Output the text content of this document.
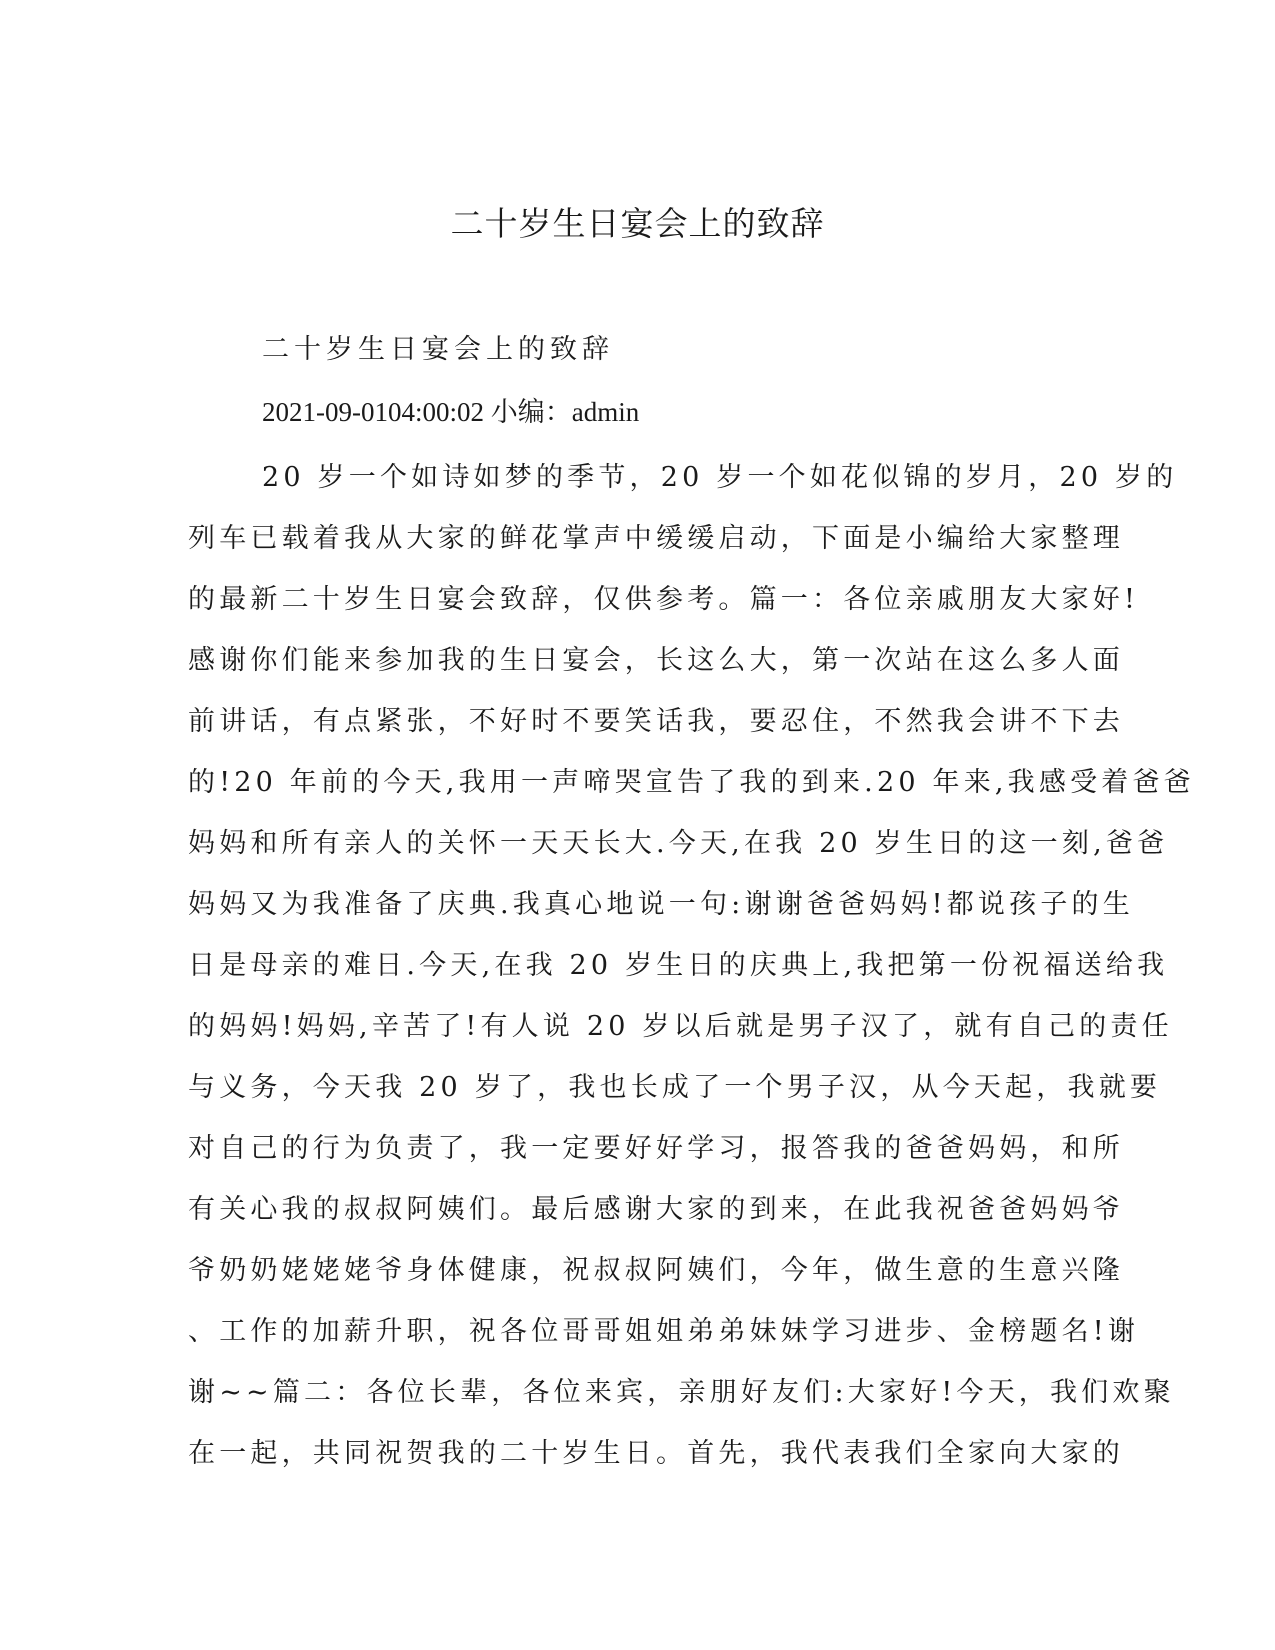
二十岁生日宴会上的致辞

二十岁生日宴会上的致辞

2021-09-0104:00:02 小编：admin

20 岁一个如诗如梦的季节，20 岁一个如花似锦的岁月，20 岁的
列车已载着我从大家的鲜花掌声中缓缓启动，下面是小编给大家整理
的最新二十岁生日宴会致辞，仅供参考。篇一：各位亲戚朋友大家好!
感谢你们能来参加我的生日宴会，长这么大，第一次站在这么多人面
前讲话，有点紧张，不好时不要笑话我，要忍住，不然我会讲不下去
的!20 年前的今天,我用一声啼哭宣告了我的到来.20 年来,我感受着爸爸
妈妈和所有亲人的关怀一天天长大.今天,在我 20 岁生日的这一刻,爸爸
妈妈又为我准备了庆典.我真心地说一句:谢谢爸爸妈妈!都说孩子的生
日是母亲的难日.今天,在我 20 岁生日的庆典上,我把第一份祝福送给我
的妈妈!妈妈,辛苦了!有人说 20 岁以后就是男子汉了，就有自己的责任
与义务，今天我 20 岁了，我也长成了一个男子汉，从今天起，我就要
对自己的行为负责了，我一定要好好学习，报答我的爸爸妈妈，和所
有关心我的叔叔阿姨们。最后感谢大家的到来，在此我祝爸爸妈妈爷
爷奶奶姥姥姥爷身体健康，祝叔叔阿姨们，今年，做生意的生意兴隆
、工作的加薪升职，祝各位哥哥姐姐弟弟妹妹学习进步、金榜题名!谢
谢~~篇二：各位长辈，各位来宾，亲朋好友们:大家好!今天，我们欢聚
在一起，共同祝贺我的二十岁生日。首先，我代表我们全家向大家的
